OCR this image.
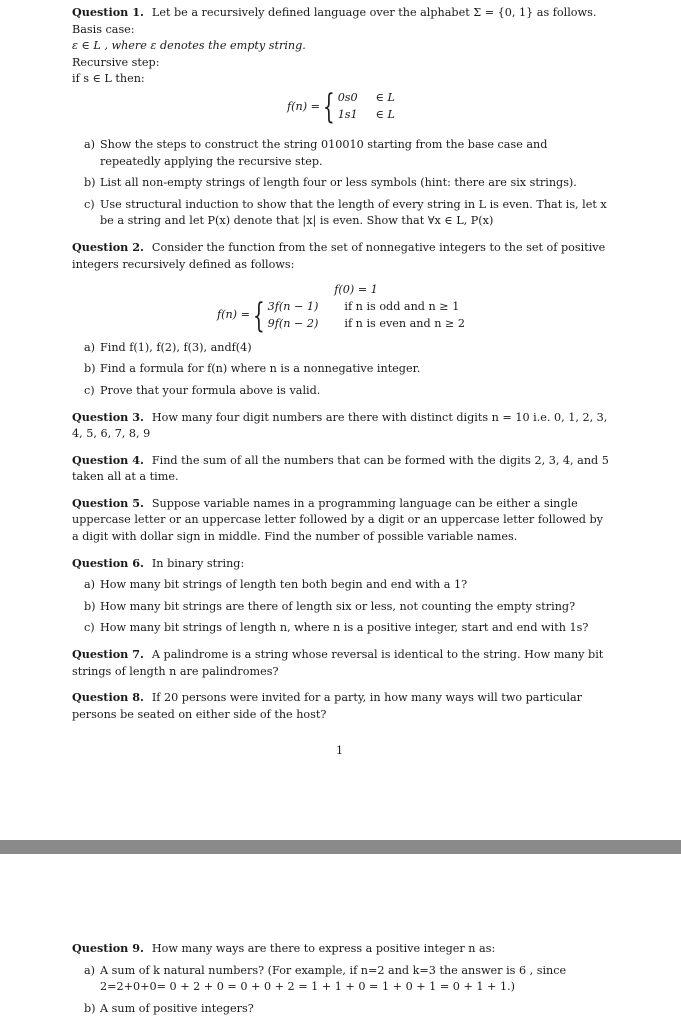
Question 1. Let be a recursively defined language over the alphabet Σ = {0, 1} as follows.
Basis case:
ε ∈ L , where ε denotes the empty string.
Recursive step:
if s ∈ L then:
f(n) = { 0s0 ∈ L
1s1 ∈ L
a) Show the steps to construct the string 010010 starting from the base case and repeatedly applying the recursive step.
b) List all non-empty strings of length four or less symbols (hint: there are six strings).
c) Use structural induction to show that the length of every string in L is even. That is, let x be a string and let P(x) denote that |x| is even. Show that ∀x ∈ L, P(x)
Question 2. Consider the function from the set of nonnegative integers to the set of positive integers recursively defined as follows:
f(0) = 1
f(n) = { 3f(n − 1) if n is odd and n ≥ 1
9f(n − 2) if n is even and n ≥ 2
a) Find f(1), f(2), f(3), andf(4)
b) Find a formula for f(n) where n is a nonnegative integer.
c) Prove that your formula above is valid.
Question 3. How many four digit numbers are there with distinct digits n = 10 i.e. 0, 1, 2, 3, 4, 5, 6, 7, 8, 9
Question 4. Find the sum of all the numbers that can be formed with the digits 2, 3, 4, and 5 taken all at a time.
Question 5. Suppose variable names in a programming language can be either a single uppercase letter or an uppercase letter followed by a digit or an uppercase letter followed by a digit with dollar sign in middle. Find the number of possible variable names.
Question 6. In binary string:
a) How many bit strings of length ten both begin and end with a 1?
b) How many bit strings are there of length six or less, not counting the empty string?
c) How many bit strings of length n, where n is a positive integer, start and end with 1s?
Question 7. A palindrome is a string whose reversal is identical to the string. How many bit strings of length n are palindromes?
Question 8. If 20 persons were invited for a party, in how many ways will two particular persons be seated on either side of the host?
1
Question 9. How many ways are there to express a positive integer n as:
a) A sum of k natural numbers? (For example, if n=2 and k=3 the answer is 6 , since 2=2+0+0= 0 + 2 + 0 = 0 + 0 + 2 = 1 + 1 + 0 = 1 + 0 + 1 = 0 + 1 + 1.)
b) A sum of positive integers?
